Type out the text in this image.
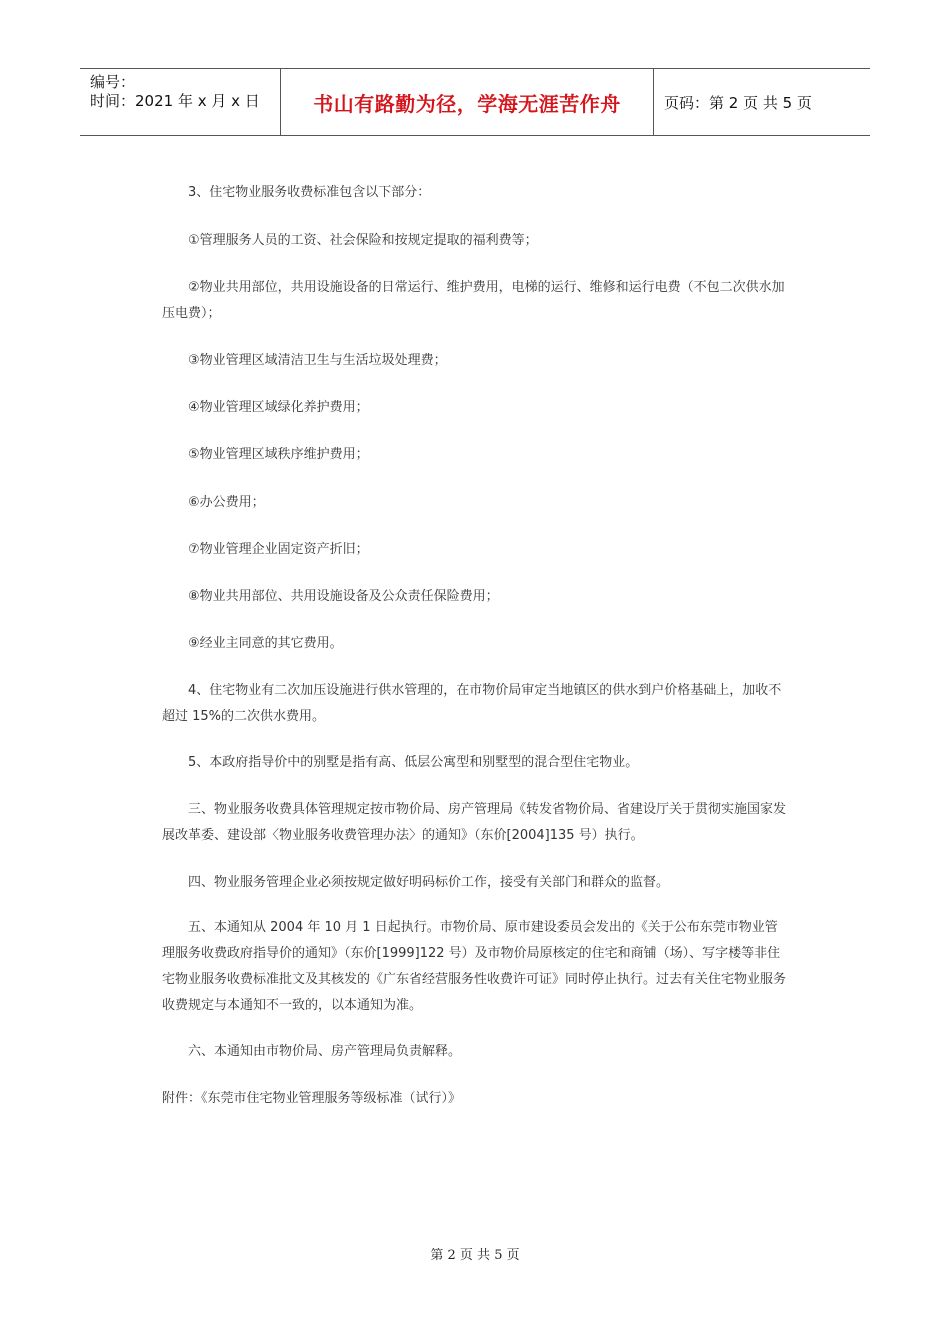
编号：
时间：2021 年 x 月 x 日	书山有路勤为径，学海无涯苦作舟	页码：第 2 页 共 5 页

3、住宅物业服务收费标准包含以下部分：

①管理服务人员的工资、社会保险和按规定提取的福利费等；

②物业共用部位，共用设施设备的日常运行、维护费用，电梯的运行、维修和运行电费（不包二次供水加压电费）；

③物业管理区域清洁卫生与生活垃圾处理费；

④物业管理区域绿化养护费用；

⑤物业管理区域秩序维护费用；

⑥办公费用；

⑦物业管理企业固定资产折旧；

⑧物业共用部位、共用设施设备及公众责任保险费用；

⑨经业主同意的其它费用。

4、住宅物业有二次加压设施进行供水管理的，在市物价局审定当地镇区的供水到户价格基础上，加收不超过 15%的二次供水费用。

5、本政府指导价中的别墅是指有高、低层公寓型和别墅型的混合型住宅物业。

三、物业服务收费具体管理规定按市物价局、房产管理局《转发省物价局、省建设厅关于贯彻实施国家发展改革委、建设部〈物业服务收费管理办法〉的通知》（东价[2004]135 号）执行。

四、物业服务管理企业必须按规定做好明码标价工作，接受有关部门和群众的监督。

五、本通知从 2004 年 10 月 1 日起执行。市物价局、原市建设委员会发出的《关于公布东莞市物业管理服务收费政府指导价的通知》（东价[1999]122 号）及市物价局原核定的住宅和商铺（场）、写字楼等非住宅物业服务收费标准批文及其核发的《广东省经营服务性收费许可证》同时停止执行。过去有关住宅物业服务收费规定与本通知不一致的，以本通知为准。

六、本通知由市物价局、房产管理局负责解释。

附件：《东莞市住宅物业管理服务等级标准（试行）》

第 2 页 共 5 页
